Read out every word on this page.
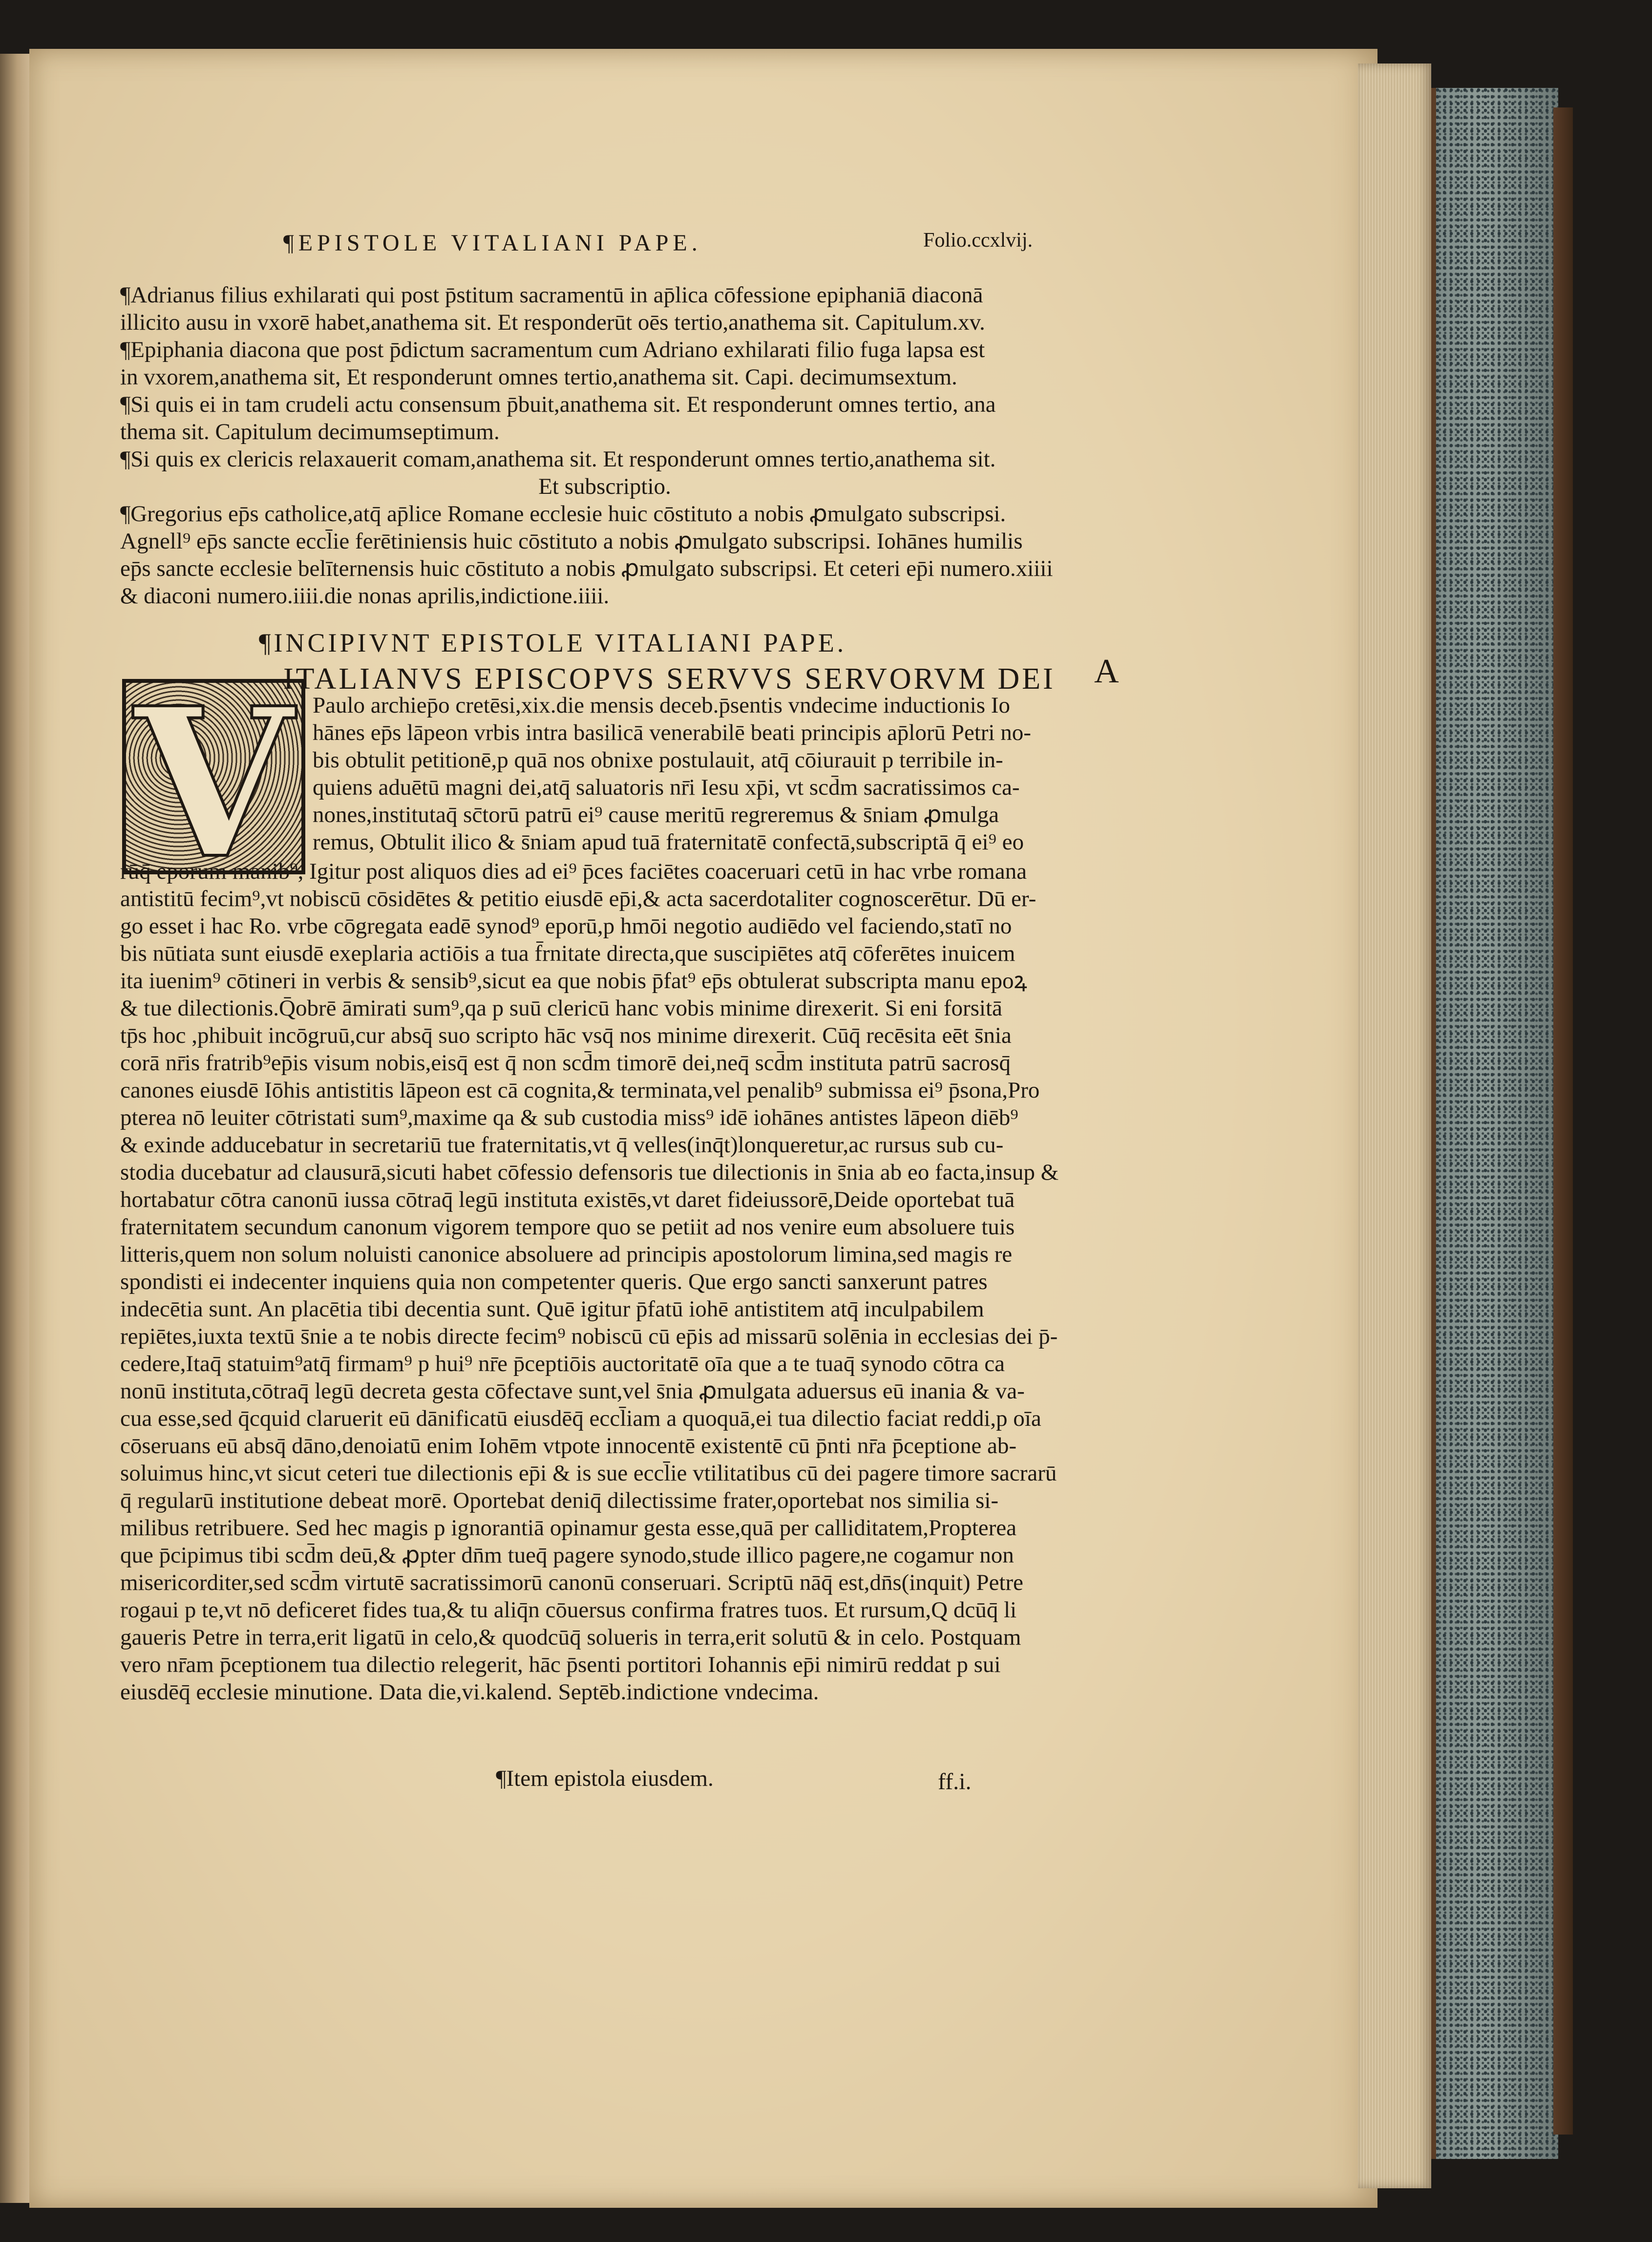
¶EPISTOLE VITALIANI PAPE.	Folio.ccxlvij.
¶Adrianus filius exhilarati qui post p̄stitum sacramentū in ap̄lica cōfessione epiphaniā diaconā
illicito ausu in vxorē habet,anathema sit. Et responderūt oēs tertio,anathema sit. Capitulum.xv.
¶Epiphania diacona que post p̄dictum sacramentum cum Adriano exhilarati filio fuga lapsa est
in vxorem,anathema sit, Et responderunt omnes tertio,anathema sit. Capi. decimumsextum.
¶Si quis ei in tam crudeli actu consensum p̄buit,anathema sit. Et responderunt omnes tertio, ana
thema sit. Capitulum decimumseptimum.
¶Si quis ex clericis relaxauerit comam,anathema sit. Et responderunt omnes tertio,anathema sit.
Et subscriptio.
¶Gregorius ep̄s catholice,atq̄ ap̄lice Romane ecclesie huic cōstituto a nobis ꝓmulgato subscripsi.
Agnell⁹ ep̄s sancte eccl̄ie ferētiniensis huic cōstituto a nobis ꝓmulgato subscripsi. Iohānes humilis
ep̄s sancte ecclesie belīternensis huic cōstituto a nobis ꝓmulgato subscripsi. Et ceteri ep̄i numero.xiiii
& diaconi numero.iiii.die nonas aprilis,indictione.iiii.
¶INCIPIVNT EPISTOLE VITALIANI PAPE.
A
V
ITALIANVS EPISCOPVS SERVVS SERVORVM DEI
Paulo archiep̄o cretēsi,xix.die mensis deceb.p̄sentis vndecime inductionis Io
hānes ep̄s lāpeon vrbis intra basilicā venerabilē beati principis ap̄lorū Petri no-
bis obtulit petitionē,p quā nos obnixe postulauit, atq̄ cōiurauit p terribile in-
quiens aduētū magni dei,atq̄ saluatoris nr̄i Iesu xp̄i, vt scd̄m sacratissimos ca-
nones,institutaq̄ sc̄torū patrū ei⁹ cause meritū regreremus & s̄niam ꝓmulga
remus, Obtulit ilico & s̄niam apud tuā fraternitatē confectā,subscriptā q̄ ei⁹ eo
rūq̄ eporum manib⁹, Igitur post aliquos dies ad ei⁹ p̄ces faciētes coaceruari cetū in hac vrbe romana
antistitū fecim⁹,vt nobiscū cōsidētes & petitio eiusdē ep̄i,& acta sacerdotaliter cognoscerētur. Dū er-
go esset i hac Ro. vrbe cōgregata eadē synod⁹ eporū,p hmōi negotio audiēdo vel faciendo,statī no
bis nūtiata sunt eiusdē exeplaria actiōis a tua f̄rnitate directa,que suscipiētes atq̄ cōferētes inuicem
ita iuenim⁹ cōtineri in verbis & sensib⁹,sicut ea que nobis p̄fat⁹ ep̄s obtulerat subscripta manu epoꝝ
& tue dilectionis.Q̄obrē āmirati sum⁹,qa p suū clericū hanc vobis minime direxerit. Si eni forsitā
tp̄s hoc ,phibuit incōgruū,cur absq̄ suo scripto hāc vsq̄ nos minime direxerit. Cūq̄ recēsita eēt s̄nia
corā nr̄is fratrib⁹ep̄is visum nobis,eisq̄ est q̄ non scd̄m timorē dei,neq̄ scd̄m instituta patrū sacrosq̄
canones eiusdē Iōhis antistitis lāpeon est cā cognita,& terminata,vel penalib⁹ submissa ei⁹ p̄sona,Pro
pterea nō leuiter cōtristati sum⁹,maxime qa & sub custodia miss⁹ idē iohānes antistes lāpeon diēb⁹
& exinde adducebatur in secretariū tue fraternitatis,vt q̄ velles(inq̄t)lonqueretur,ac rursus sub cu-
stodia ducebatur ad clausurā,sicuti habet cōfessio defensoris tue dilectionis in s̄nia ab eo facta,insup &
hortabatur cōtra canonū iussa cōtraq̄ legū instituta existēs,vt daret fideiussorē,Deide oportebat tuā
fraternitatem secundum canonum vigorem tempore quo se petiit ad nos venire eum absoluere tuis
litteris,quem non solum noluisti canonice absoluere ad principis apostolorum limina,sed magis re
spondisti ei indecenter inquiens quia non competenter queris. Que ergo sancti sanxerunt patres
indecētia sunt. An placētia tibi decentia sunt. Quē igitur p̄fatū iohē antistitem atq̄ inculpabilem
repiētes,iuxta textū s̄nie a te nobis directe fecim⁹ nobiscū cū ep̄is ad missarū solēnia in ecclesias dei p̄-
cedere,Itaq̄ statuim⁹atq̄ firmam⁹ p hui⁹ nr̄e p̄ceptiōis auctoritatē oīa que a te tuaq̄ synodo cōtra ca
nonū instituta,cōtraq̄ legū decreta gesta cōfectave sunt,vel s̄nia ꝓmulgata aduersus eū inania & va-
cua esse,sed q̄cquid claruerit eū dānificatū eiusdēq̄ eccl̄iam a quoquā,ei tua dilectio faciat reddi,p oīa
cōseruans eū absq̄ dāno,denoiatū enim Iohēm vtpote innocentē existentē cū p̄nti nr̄a p̄ceptione ab-
soluimus hinc,vt sicut ceteri tue dilectionis ep̄i & is sue eccl̄ie vtilitatibus cū dei pagere timore sacrarū
q̄ regularū institutione debeat morē. Oportebat deniq̄ dilectissime frater,oportebat nos similia si-
milibus retribuere. Sed hec magis p ignorantiā opinamur gesta esse,quā per calliditatem,Propterea
que p̄cipimus tibi scd̄m deū,& ꝓpter dn̄m tueq̄ pagere synodo,stude illico pagere,ne cogamur non
misericorditer,sed scd̄m virtutē sacratissimorū canonū conseruari. Scriptū nāq̄ est,dn̄s(inquit) Petre
rogaui p te,vt nō deficeret fides tua,& tu aliq̄n cōuersus confirma fratres tuos. Et rursum,Q dcūq̄ li
gaueris Petre in terra,erit ligatū in celo,& quodcūq̄ solueris in terra,erit solutū & in celo. Postquam
vero nr̄am p̄ceptionem tua dilectio relegerit, hāc p̄senti portitori Iohannis ep̄i nimirū reddat p sui
eiusdēq̄ ecclesie minutione. Data die,vi.kalend. Septēb.indictione vndecima.
¶Item epistola eiusdem.	ff.i.
